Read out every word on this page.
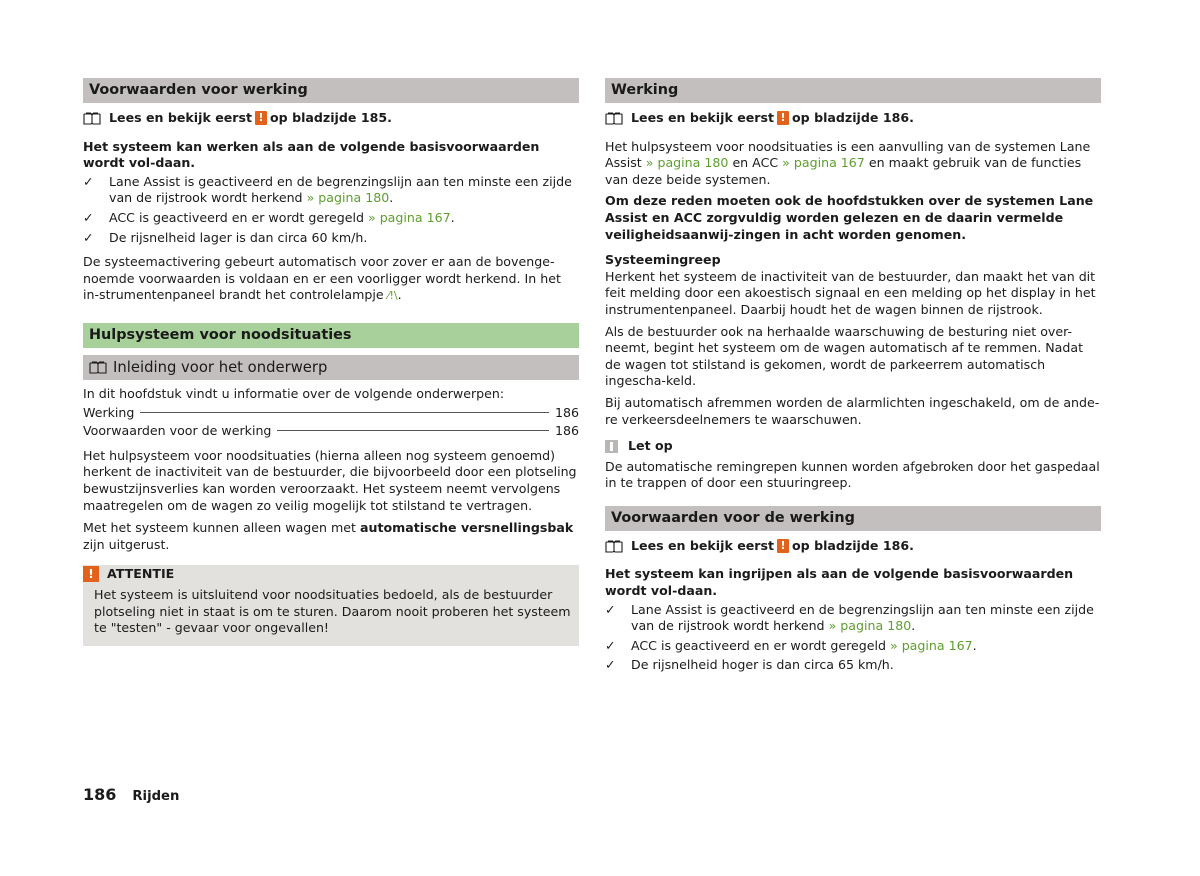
Voorwaarden voor werking
Lees en bekijk eerst ! op bladzijde 185.

Het systeem kan werken als aan de volgende basisvoorwaarden wordt vol-daan.

✓ Lane Assist is geactiveerd en de begrenzingslijn aan ten minste een zijde van de rijstrook wordt herkend » pagina 180.
✓ ACC is geactiveerd en er wordt geregeld » pagina 167.
✓ De rijsnelheid lager is dan circa 60 km/h.

De systeemactivering gebeurt automatisch voor zover er aan de bovenge-noemde voorwaarden is voldaan en er een voorligger wordt herkend. In het in-strumentenpaneel brandt het controlelampje ⁄!\.

Hulpsysteem voor noodsituaties
Inleiding voor het onderwerp

In dit hoofdstuk vindt u informatie over de volgende onderwerpen:

Werking	186
Voorwaarden voor de werking	186

Het hulpsysteem voor noodsituaties (hierna alleen nog systeem genoemd) herkent de inactiviteit van de bestuurder, die bijvoorbeeld door een plotseling bewustzijnsverlies kan worden veroorzaakt. Het systeem neemt vervolgens maatregelen om de wagen zo veilig mogelijk tot stilstand te vertragen.

Met het systeem kunnen alleen wagen met automatische versnellingsbak zijn uitgerust.

!	ATTENTIE

Het systeem is uitsluitend voor noodsituaties bedoeld, als de bestuurder plotseling niet in staat is om te sturen. Daarom nooit proberen het systeem te "testen" - gevaar voor ongevallen!

Werking
Lees en bekijk eerst ! op bladzijde 186.

Het hulpsysteem voor noodsituaties is een aanvulling van de systemen Lane Assist » pagina 180 en ACC » pagina 167 en maakt gebruik van de functies van deze beide systemen.

Om deze reden moeten ook de hoofdstukken over de systemen Lane Assist en ACC zorgvuldig worden gelezen en de daarin vermelde veiligheidsaanwij-zingen in acht worden genomen.

Systeemingreep

Herkent het systeem de inactiviteit van de bestuurder, dan maakt het van dit feit melding door een akoestisch signaal en een melding op het display in het instrumentenpaneel. Daarbij houdt het de wagen binnen de rijstrook.

Als de bestuurder ook na herhaalde waarschuwing de besturing niet over-neemt, begint het systeem om de wagen automatisch af te remmen. Nadat de wagen tot stilstand is gekomen, wordt de parkeerrem automatisch ingescha-keld.

Bij automatisch afremmen worden de alarmlichten ingeschakeld, om de ande-re verkeersdeelnemers te waarschuwen.

Let op

De automatische remingrepen kunnen worden afgebroken door het gaspedaal in te trappen of door een stuuringreep.

Voorwaarden voor de werking
Lees en bekijk eerst ! op bladzijde 186.

Het systeem kan ingrijpen als aan de volgende basisvoorwaarden wordt vol-daan.

✓ Lane Assist is geactiveerd en de begrenzingslijn aan ten minste een zijde van de rijstrook wordt herkend » pagina 180.
✓ ACC is geactiveerd en er wordt geregeld » pagina 167.
✓ De rijsnelheid hoger is dan circa 65 km/h.
186 Rijden
